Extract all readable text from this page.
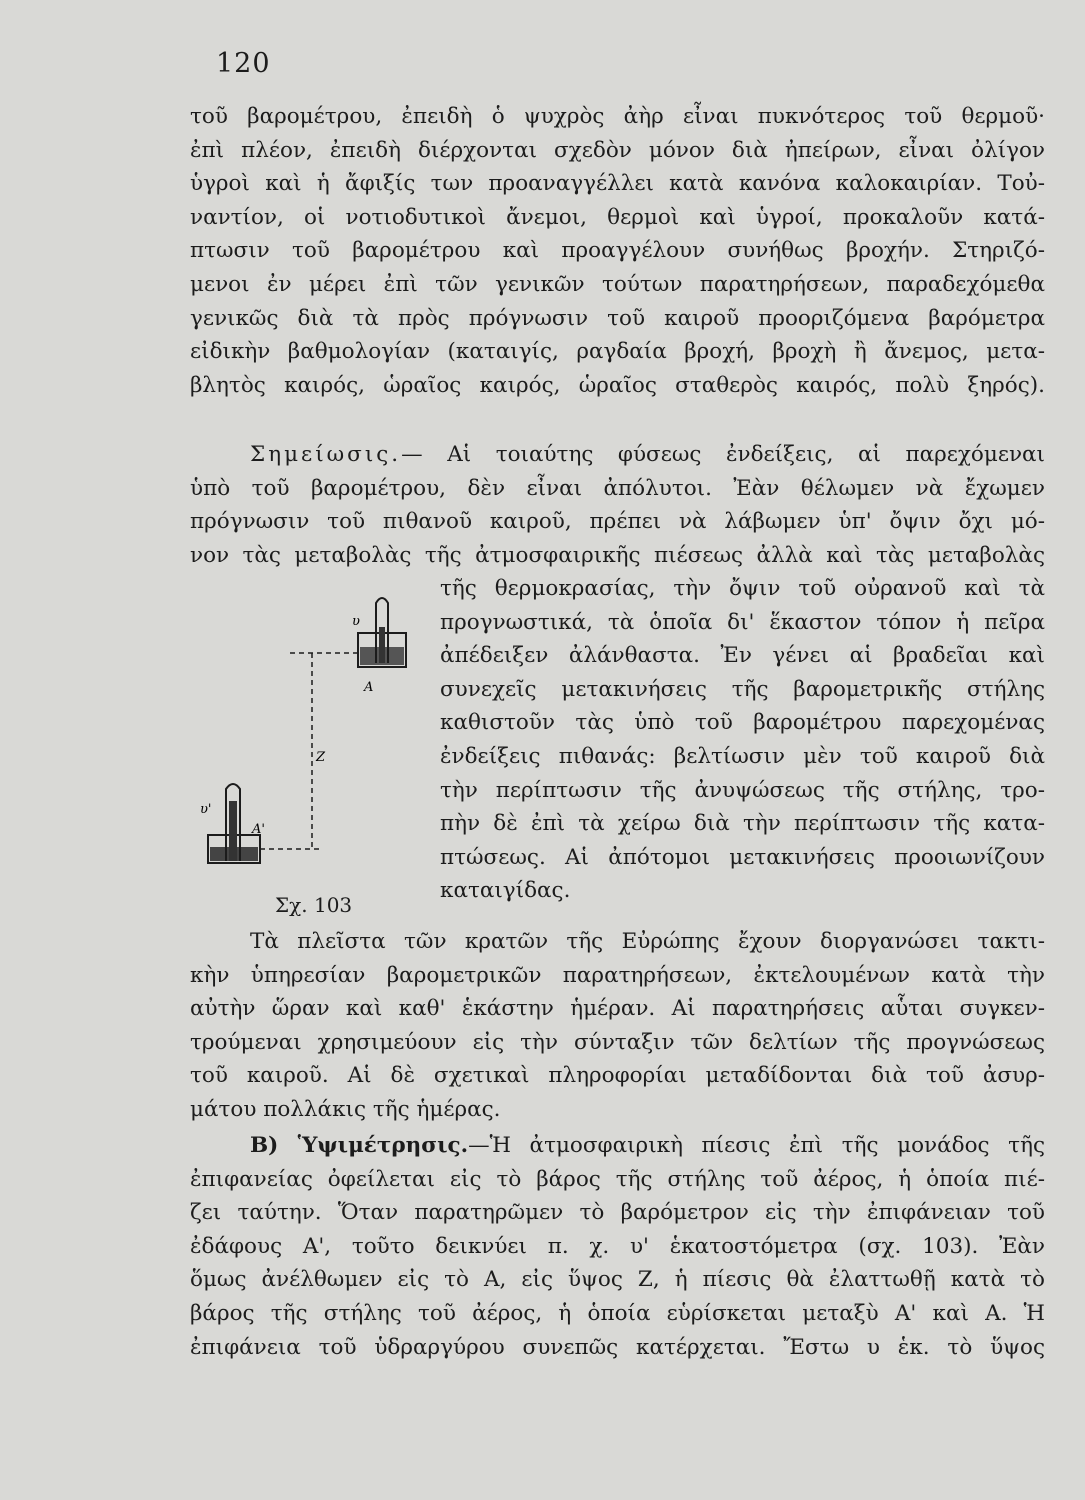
120
τοῦ βαρομέτρου, ἐπειδὴ ὁ ψυχρὸς ἀὴρ εἶναι πυκνότερος τοῦ θερμοῦ·
ἐπὶ πλέον, ἐπειδὴ διέρχονται σχεδὸν μόνον διὰ ἠπείρων, εἶναι ὀλίγον
ὑγροὶ καὶ ἡ ἄφιξίς των προαναγγέλλει κατὰ κανόνα καλοκαιρίαν. Τοὐ-
ναντίον, οἱ νοτιοδυτικοὶ ἄνεμοι, θερμοὶ καὶ ὑγροί, προκαλοῦν κατά-
πτωσιν τοῦ βαρομέτρου καὶ προαγγέλουν συνήθως βροχήν. Στηριζό-
μενοι ἐν μέρει ἐπὶ τῶν γενικῶν τούτων παρατηρήσεων, παραδεχόμεθα
γενικῶς διὰ τὰ πρὸς πρόγνωσιν τοῦ καιροῦ προοριζόμενα βαρόμετρα
εἰδικὴν βαθμολογίαν (καταιγίς, ραγδαία βροχή, βροχὴ ἢ ἄνεμος, μετα-
βλητὸς καιρός, ὡραῖος καιρός, ὡραῖος σταθερὸς καιρός, πολὺ ξηρός).
Σημείωσις.— Αἱ τοιαύτης φύσεως ἐνδείξεις, αἱ παρεχόμεναι
ὑπὸ τοῦ βαρομέτρου, δὲν εἶναι ἀπόλυτοι. Ἐὰν θέλωμεν νὰ ἔχωμεν
πρόγνωσιν τοῦ πιθανοῦ καιροῦ, πρέπει νὰ λάβωμεν ὑπ' ὄψιν ὄχι μό-
νον τὰς μεταβολὰς τῆς ἀτμοσφαιρικῆς πιέσεως ἀλλὰ καὶ τὰς μεταβολὰς
τῆς θερμοκρασίας, τὴν ὄψιν τοῦ οὐρανοῦ καὶ τὰ
προγνωστικά, τὰ ὁποῖα δι' ἕκαστον τόπον ἡ πεῖρα
ἀπέδειξεν ἀλάνθαστα. Ἐν γένει αἱ βραδεῖαι καὶ
συνεχεῖς μετακινήσεις τῆς βαρομετρικῆς στήλης
καθιστοῦν τὰς ὑπὸ τοῦ βαρομέτρου παρεχομένας
ἐνδείξεις πιθανάς: βελτίωσιν μὲν τοῦ καιροῦ διὰ
τὴν περίπτωσιν τῆς ἀνυψώσεως τῆς στήλης, τρο-
πὴν δὲ ἐπὶ τὰ χείρω διὰ τὴν περίπτωσιν τῆς κατα-
πτώσεως. Αἱ ἀπότομοι μετακινήσεις προοιωνίζουν
καταιγίδας.
υ
Α
υ'
Α'
Ζ
Σχ. 103
Τὰ πλεῖστα τῶν κρατῶν τῆς Εὐρώπης ἔχουν διοργανώσει τακτι-
κὴν ὑπηρεσίαν βαρομετρικῶν παρατηρήσεων, ἐκτελουμένων κατὰ τὴν
αὐτὴν ὥραν καὶ καθ' ἑκάστην ἡμέραν. Αἱ παρατηρήσεις αὗται συγκεν-
τρούμεναι χρησιμεύουν εἰς τὴν σύνταξιν τῶν δελτίων τῆς προγνώσεως
τοῦ καιροῦ. Αἱ δὲ σχετικαὶ πληροφορίαι μεταδίδονται διὰ τοῦ ἀσυρ-
μάτου πολλάκις τῆς ἡμέρας.
B) Ὑψιμέτρησις.—Ἡ ἀτμοσφαιρικὴ πίεσις ἐπὶ τῆς μονάδος τῆς
ἐπιφανείας ὀφείλεται εἰς τὸ βάρος τῆς στήλης τοῦ ἀέρος, ἡ ὁποία πιέ-
ζει ταύτην. Ὅταν παρατηρῶμεν τὸ βαρόμετρον εἰς τὴν ἐπιφάνειαν τοῦ
ἐδάφους Α', τοῦτο δεικνύει π. χ. υ' ἑκατοστόμετρα (σχ. 103). Ἐὰν
ὅμως ἀνέλθωμεν εἰς τὸ Α, εἰς ὕψος Ζ, ἡ πίεσις θὰ ἐλαττωθῇ κατὰ τὸ
βάρος τῆς στήλης τοῦ ἀέρος, ἡ ὁποία εὑρίσκεται μεταξὺ Α' καὶ Α. Ἡ
ἐπιφάνεια τοῦ ὑδραργύρου συνεπῶς κατέρχεται. Ἔστω υ ἑκ. τὸ ὕψος
